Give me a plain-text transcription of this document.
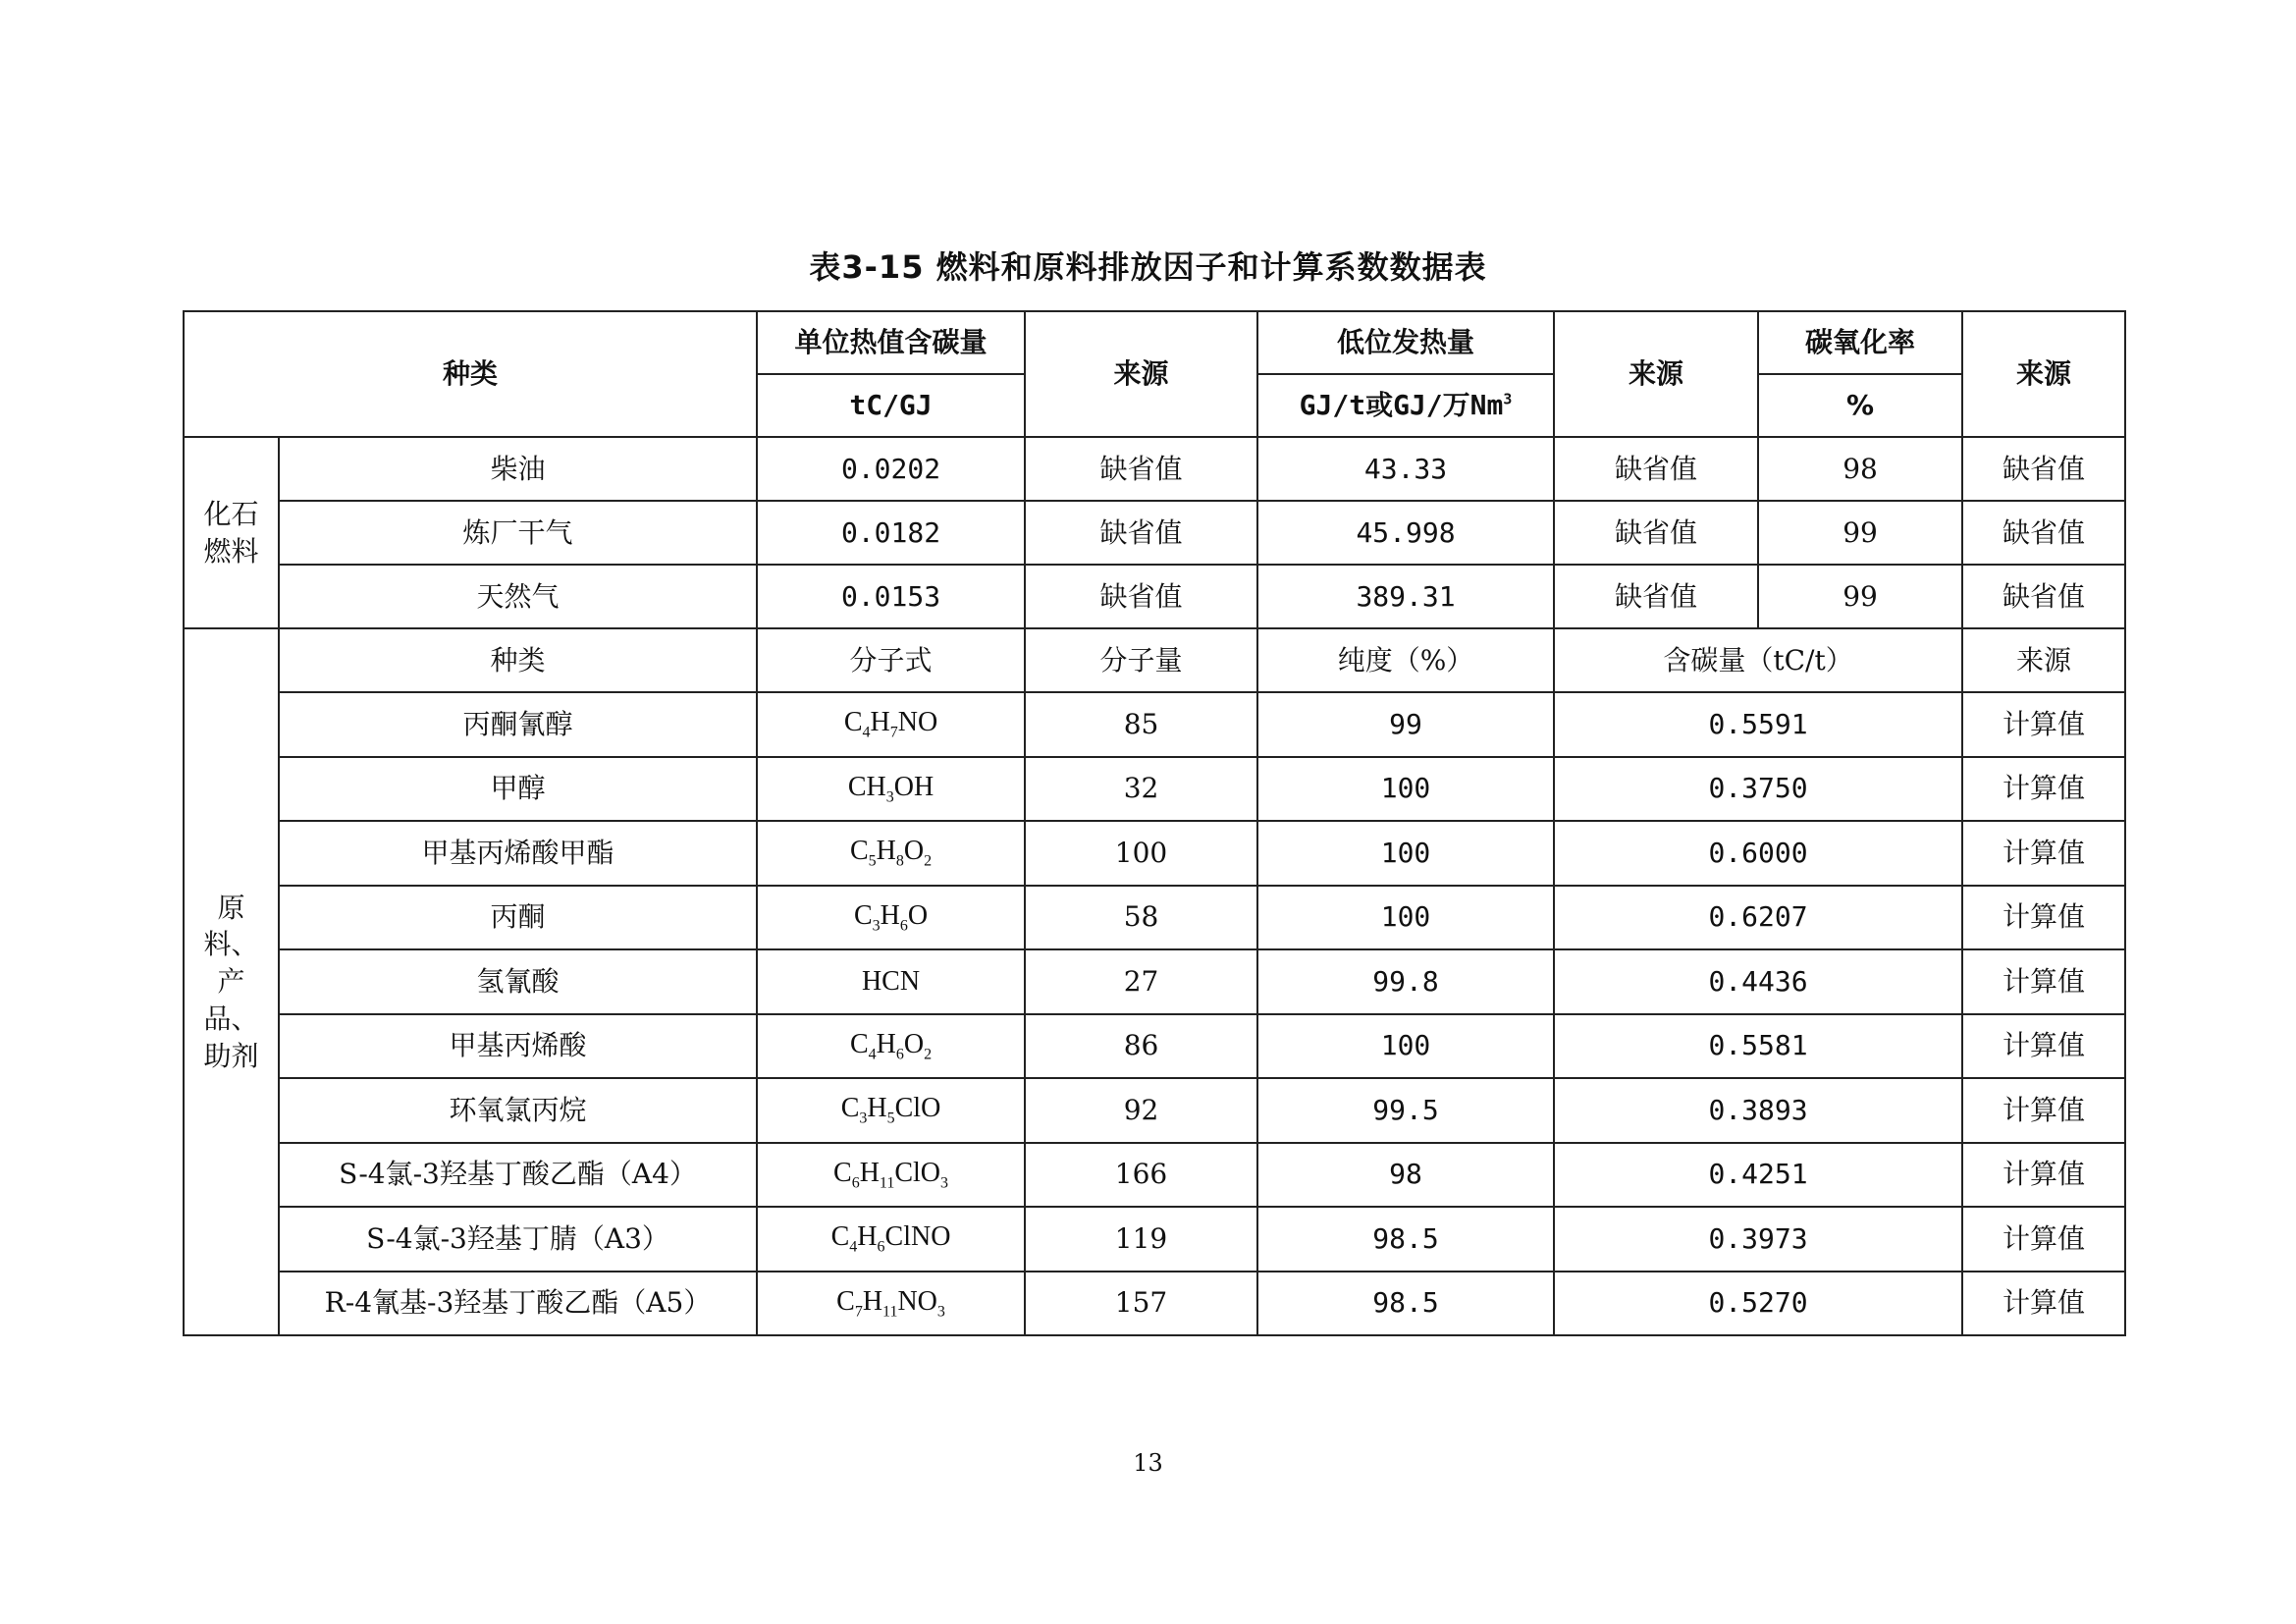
表3-15 燃料和原料排放因子和计算系数数据表
种类		单位热值含碳量	来源	低位发热量	来源	碳氧化率	来源
		tC/GJ		GJ/t或GJ/万Nm$^3$		%	
化石燃料	柴油	0.0202	缺省值	43.33	缺省值	98	缺省值
	炼厂干气	0.0182	缺省值	45.998	缺省值	99	缺省值
	天然气	0.0153	缺省值	389.31	缺省值	99	缺省值
原料、产品、助剂	种类	分子式	分子量	纯度（%）	含碳量（tC/t）		来源
	丙酮氰醇	$C_4H_7NO$	85	99	0.5591		计算值
	甲醇	$CH_3OH$	32	100	0.3750		计算值
	甲基丙烯酸甲酯	$C_5H_8O_2$	100	100	0.6000		计算值
	丙酮	$C_3H_6O$	58	100	0.6207		计算值
	氢氰酸	HCN	27	99.8	0.4436		计算值
	甲基丙烯酸	$C_4H_6O_2$	86	100	0.5581		计算值
	环氧氯丙烷	$C_3H_5ClO$	92	99.5	0.3893		计算值
	S-4氯-3羟基丁酸乙酯（A4）	$C_6H_{11}ClO_3$	166	98	0.4251		计算值
	S-4氯-3羟基丁腈（A3）	$C_4H_6ClNO$	119	98.5	0.3973		计算值
	R-4氰基-3羟基丁酸乙酯（A5）	$C_7H_{11}NO_3$	157	98.5	0.5270		计算值
13
